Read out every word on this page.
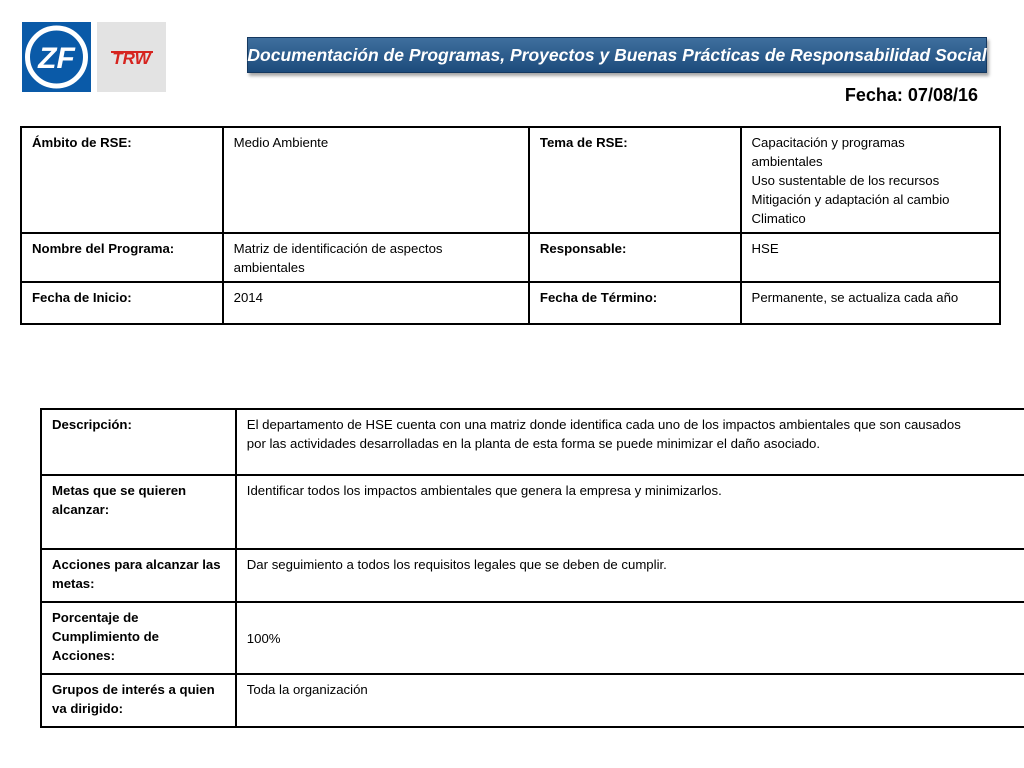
ZF TRW	Documentación de Programas, Proyectos y Buenas Prácticas de Responsabilidad Social
Fecha: 07/08/16
Ámbito de RSE:	Medio Ambiente	Tema de RSE:	Capacitación y programas
ambientales
Uso sustentable de los recursos
Mitigación y adaptación al cambio
Climatico

Nombre del Programa:	Matriz de identificación de aspectos
ambientales	Responsable:	HSE
Fecha de Inicio:	2014	Fecha de Término:	Permanente, se actualiza cada año
Descripción:	El departamento de HSE cuenta con una matriz donde identifica cada uno de los impactos ambientales que son causados
por las actividades desarrolladas en la planta de esta forma se puede minimizar el daño asociado.

Metas que se quieren
alcanzar:	Identificar todos los impactos ambientales que genera la empresa y minimizarlos.

Acciones para alcanzar las
metas:	Dar seguimiento a todos los requisitos legales que se deben de cumplir.

Porcentaje de
Cumplimiento de
Acciones:	100%

Grupos de interés a quien
va dirigido:	Toda la organización
